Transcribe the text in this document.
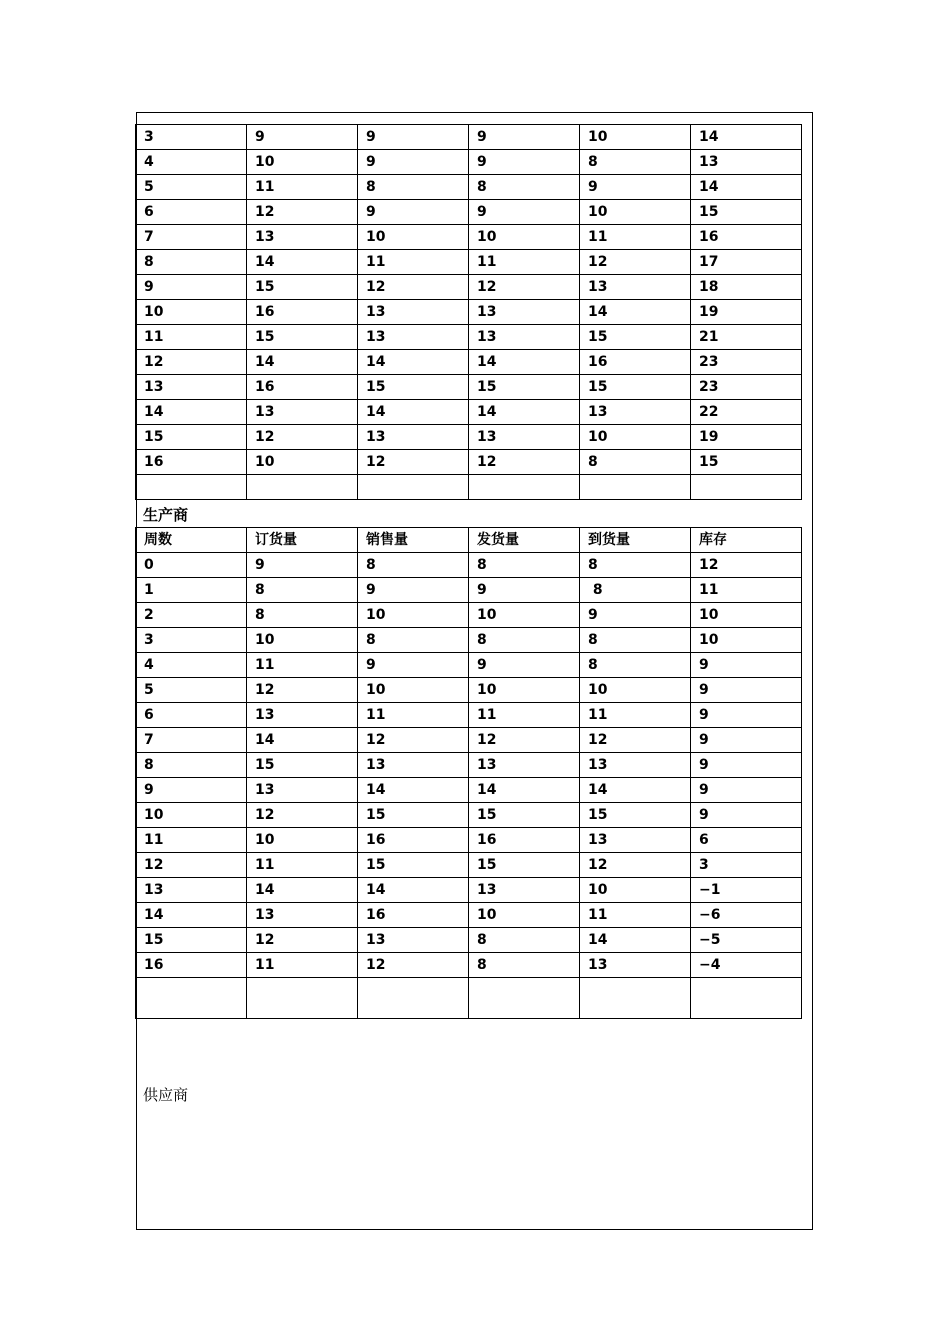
3	9	9	9	10	14
4	10	9	9	8	13
5	11	8	8	9	14
6	12	9	9	10	15
7	13	10	10	11	16
8	14	11	11	12	17
9	15	12	12	13	18
10	16	13	13	14	19
11	15	13	13	15	21
12	14	14	14	16	23
13	16	15	15	15	23
14	13	14	14	13	22
15	12	13	13	10	19
16	10	12	12	8	15

生产商
周数	订货量	销售量	发货量	到货量	库存
0	9	8	8	8	12
1	8	9	9	8	11
2	8	10	10	9	10
3	10	8	8	8	10
4	11	9	9	8	9
5	12	10	10	10	9
6	13	11	11	11	9
7	14	12	12	12	9
8	15	13	13	13	9
9	13	14	14	14	9
10	12	15	15	15	9
11	10	16	16	13	6
12	11	15	15	12	3
13	14	14	13	10	−1
14	13	16	10	11	−6
15	12	13	8	14	−5
16	11	12	8	13	−4

供应商
